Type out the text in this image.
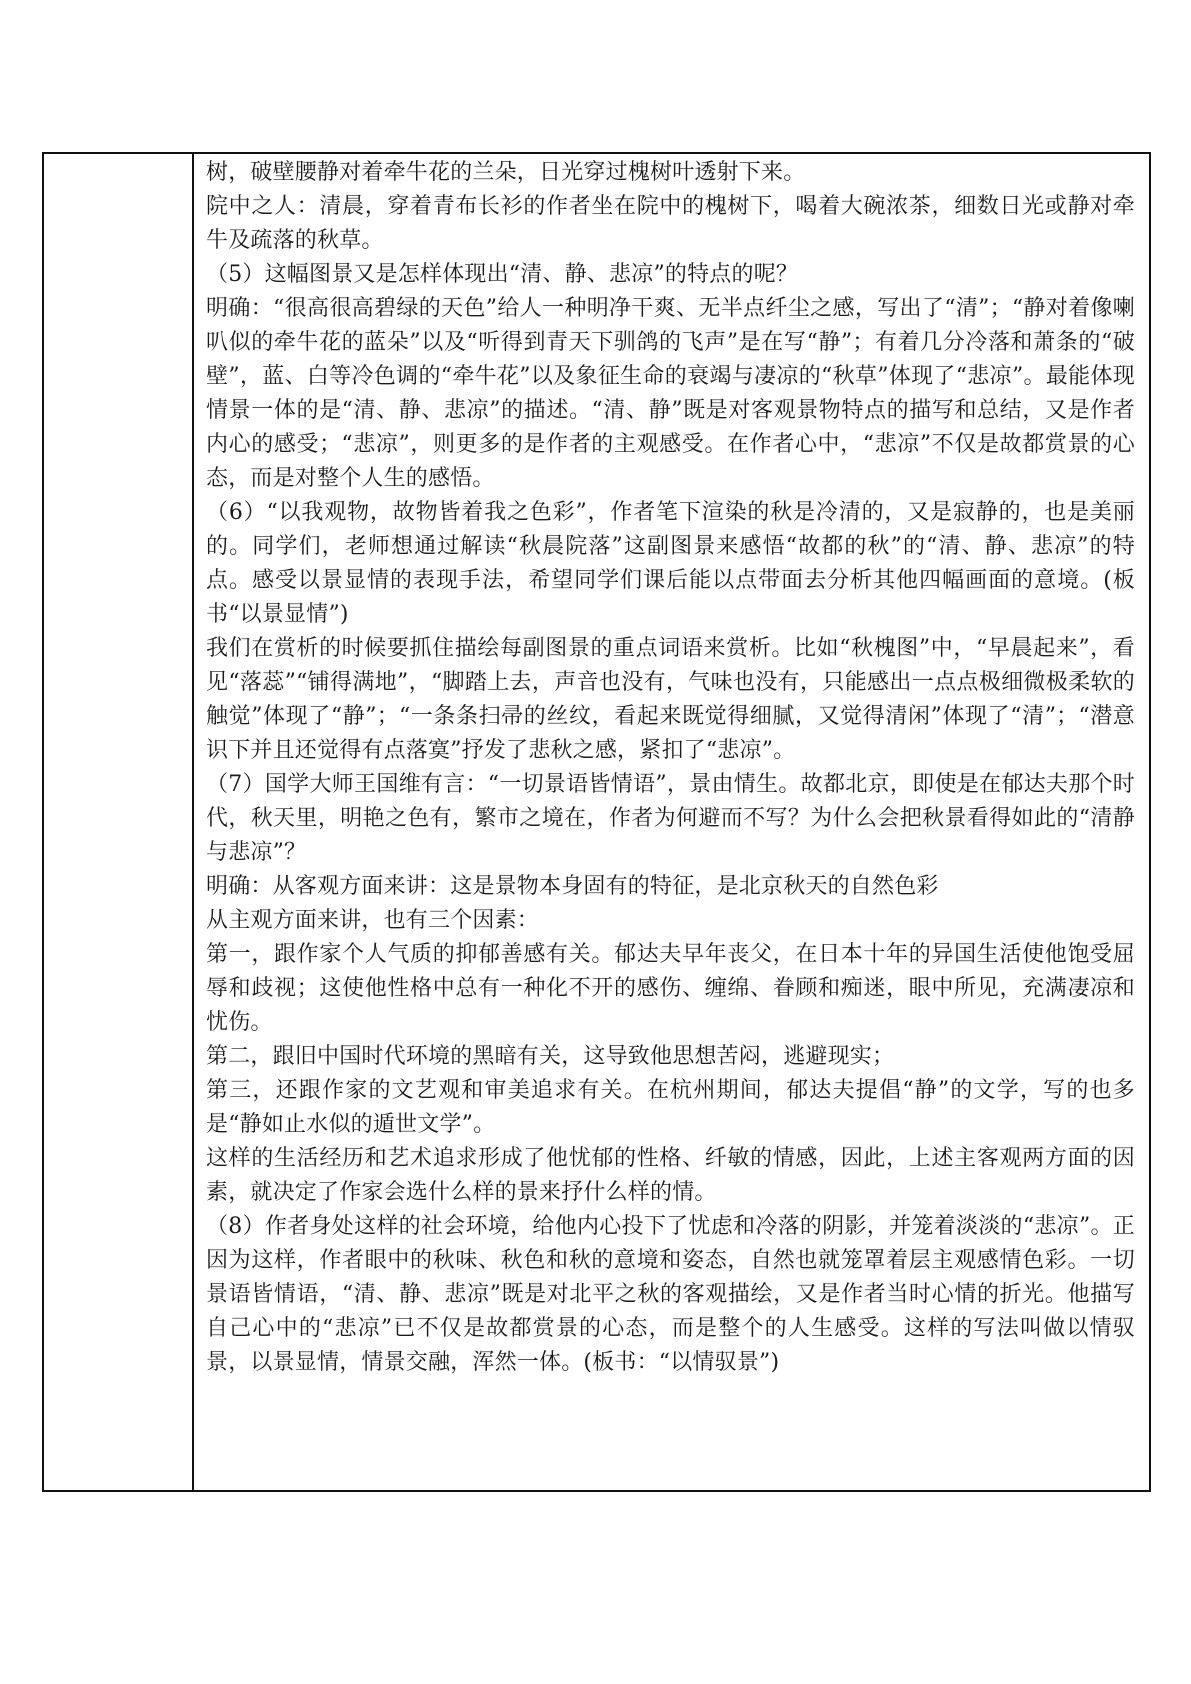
树，破壁腰静对着牵牛花的兰朵，日光穿过槐树叶透射下来。

院中之人：清晨，穿着青布长衫的作者坐在院中的槐树下，喝着大碗浓茶，细数日光或静对牵牛及疏落的秋草。

（5）这幅图景又是怎样体现出“清、静、悲凉”的特点的呢？

明确：“很高很高碧绿的天色”给人一种明净干爽、无半点纤尘之感，写出了“清”；“静对着像喇叭似的牵牛花的蓝朵”以及“听得到青天下驯鸽的飞声”是在写“静”；有着几分冷落和萧条的“破壁”，蓝、白等冷色调的“牵牛花”以及象征生命的衰竭与凄凉的“秋草”体现了“悲凉”。最能体现情景一体的是“清、静、悲凉”的描述。“清、静”既是对客观景物特点的描写和总结，又是作者内心的感受；“悲凉”，则更多的是作者的主观感受。在作者心中，“悲凉”不仅是故都赏景的心态，而是对整个人生的感悟。

（6）“以我观物，故物皆着我之色彩”，作者笔下渲染的秋是冷清的，又是寂静的，也是美丽的。同学们，老师想通过解读“秋晨院落”这副图景来感悟“故都的秋”的“清、静、悲凉”的特点。感受以景显情的表现手法，希望同学们课后能以点带面去分析其他四幅画面的意境。(板书“以景显情”)

我们在赏析的时候要抓住描绘每副图景的重点词语来赏析。比如“秋槐图”中，“早晨起来”，看见“落蕊”“铺得满地”，“脚踏上去，声音也没有，气味也没有，只能感出一点点极细微极柔软的触觉”体现了“静”；“一条条扫帚的丝纹，看起来既觉得细腻，又觉得清闲”体现了“清”；“潜意识下并且还觉得有点落寞”抒发了悲秋之感，紧扣了“悲凉”。

（7）国学大师王国维有言：“一切景语皆情语”，景由情生。故都北京，即使是在郁达夫那个时代，秋天里，明艳之色有，繁市之境在，作者为何避而不写？为什么会把秋景看得如此的“清静与悲凉”？

明确：从客观方面来讲：这是景物本身固有的特征，是北京秋天的自然色彩

从主观方面来讲，也有三个因素：

第一，跟作家个人气质的抑郁善感有关。郁达夫早年丧父，在日本十年的异国生活使他饱受屈辱和歧视；这使他性格中总有一种化不开的感伤、缠绵、眷顾和痴迷，眼中所见，充满凄凉和忧伤。

第二，跟旧中国时代环境的黑暗有关，这导致他思想苦闷，逃避现实；

第三，还跟作家的文艺观和审美追求有关。在杭州期间，郁达夫提倡“静”的文学，写的也多是“静如止水似的遁世文学”。

这样的生活经历和艺术追求形成了他忧郁的性格、纤敏的情感，因此，上述主客观两方面的因素，就决定了作家会选什么样的景来抒什么样的情。

（8）作者身处这样的社会环境，给他内心投下了忧虑和冷落的阴影，并笼着淡淡的“悲凉”。正因为这样，作者眼中的秋味、秋色和秋的意境和姿态，自然也就笼罩着层主观感情色彩。一切景语皆情语，“清、静、悲凉”既是对北平之秋的客观描绘，又是作者当时心情的折光。他描写自己心中的“悲凉”已不仅是故都赏景的心态，而是整个的人生感受。这样的写法叫做以情驭景，以景显情，情景交融，浑然一体。(板书：“以情驭景”)
